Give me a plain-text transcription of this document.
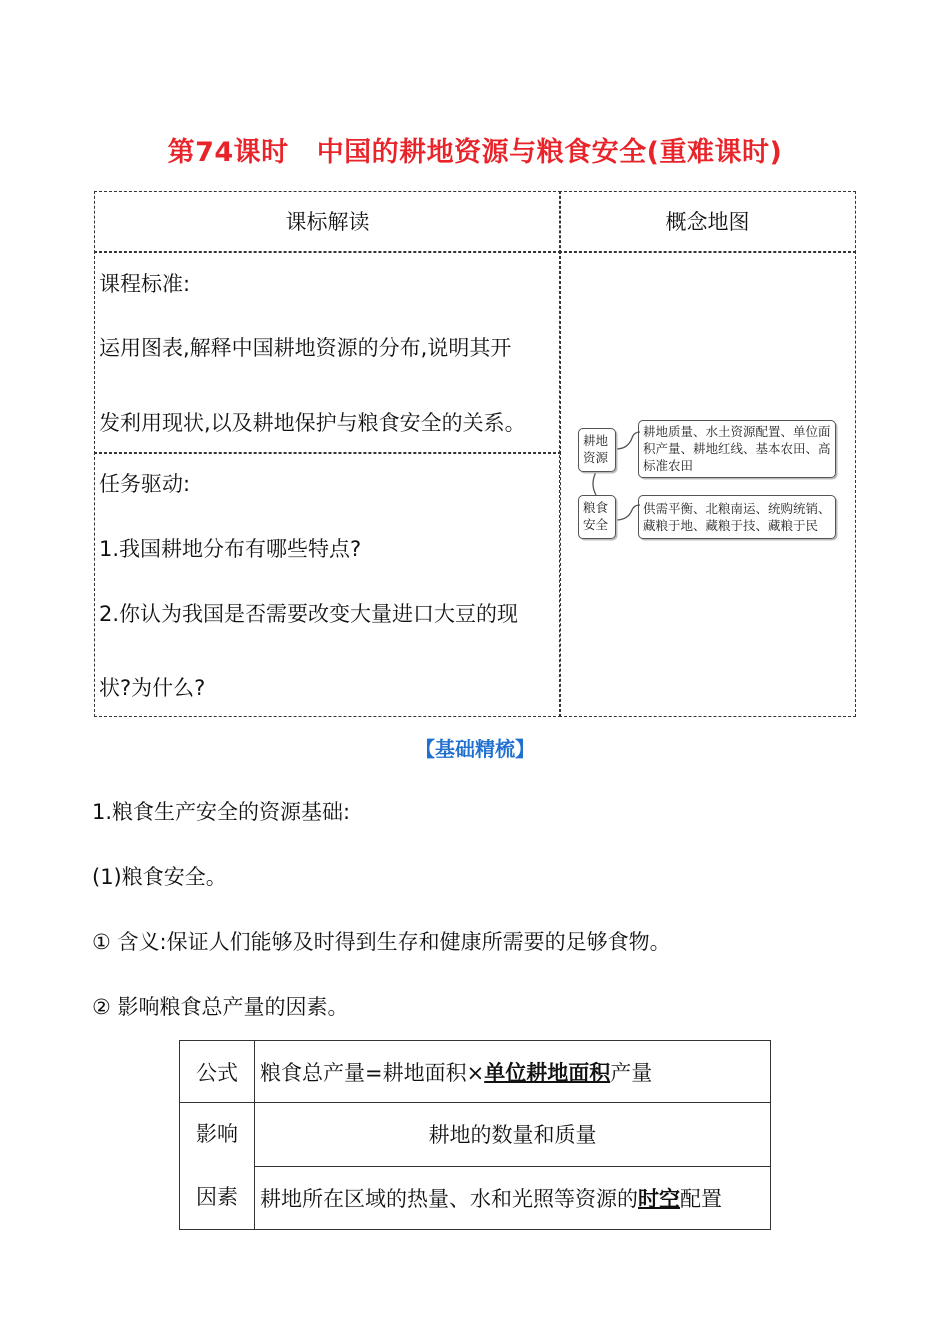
第74课时 中国的耕地资源与粮食安全(重难课时)
课标解读	概念地图
课程标准:
运用图表,解释中国耕地资源的分布,说明其开
发利用现状,以及耕地保护与粮食安全的关系。
任务驱动:
1.我国耕地分布有哪些特点?
2.你认为我国是否需要改变大量进口大豆的现
状?为什么?
耕地
资源
耕地质量、水土资源配置、单位面
积产量、耕地红线、基本农田、高
标准农田
粮食
安全
供需平衡、北粮南运、统购统销、
藏粮于地、藏粮于技、藏粮于民
【基础精梳】
1.粮食生产安全的资源基础:
(1)粮食安全。
① 含义:保证人们能够及时得到生存和健康所需要的足够食物。
② 影响粮食总产量的因素。
公式	粮食总产量=耕地面积×单位耕地面积产量

影响
因素	耕地的数量和质量
	耕地所在区域的热量、水和光照等资源的时空配置
